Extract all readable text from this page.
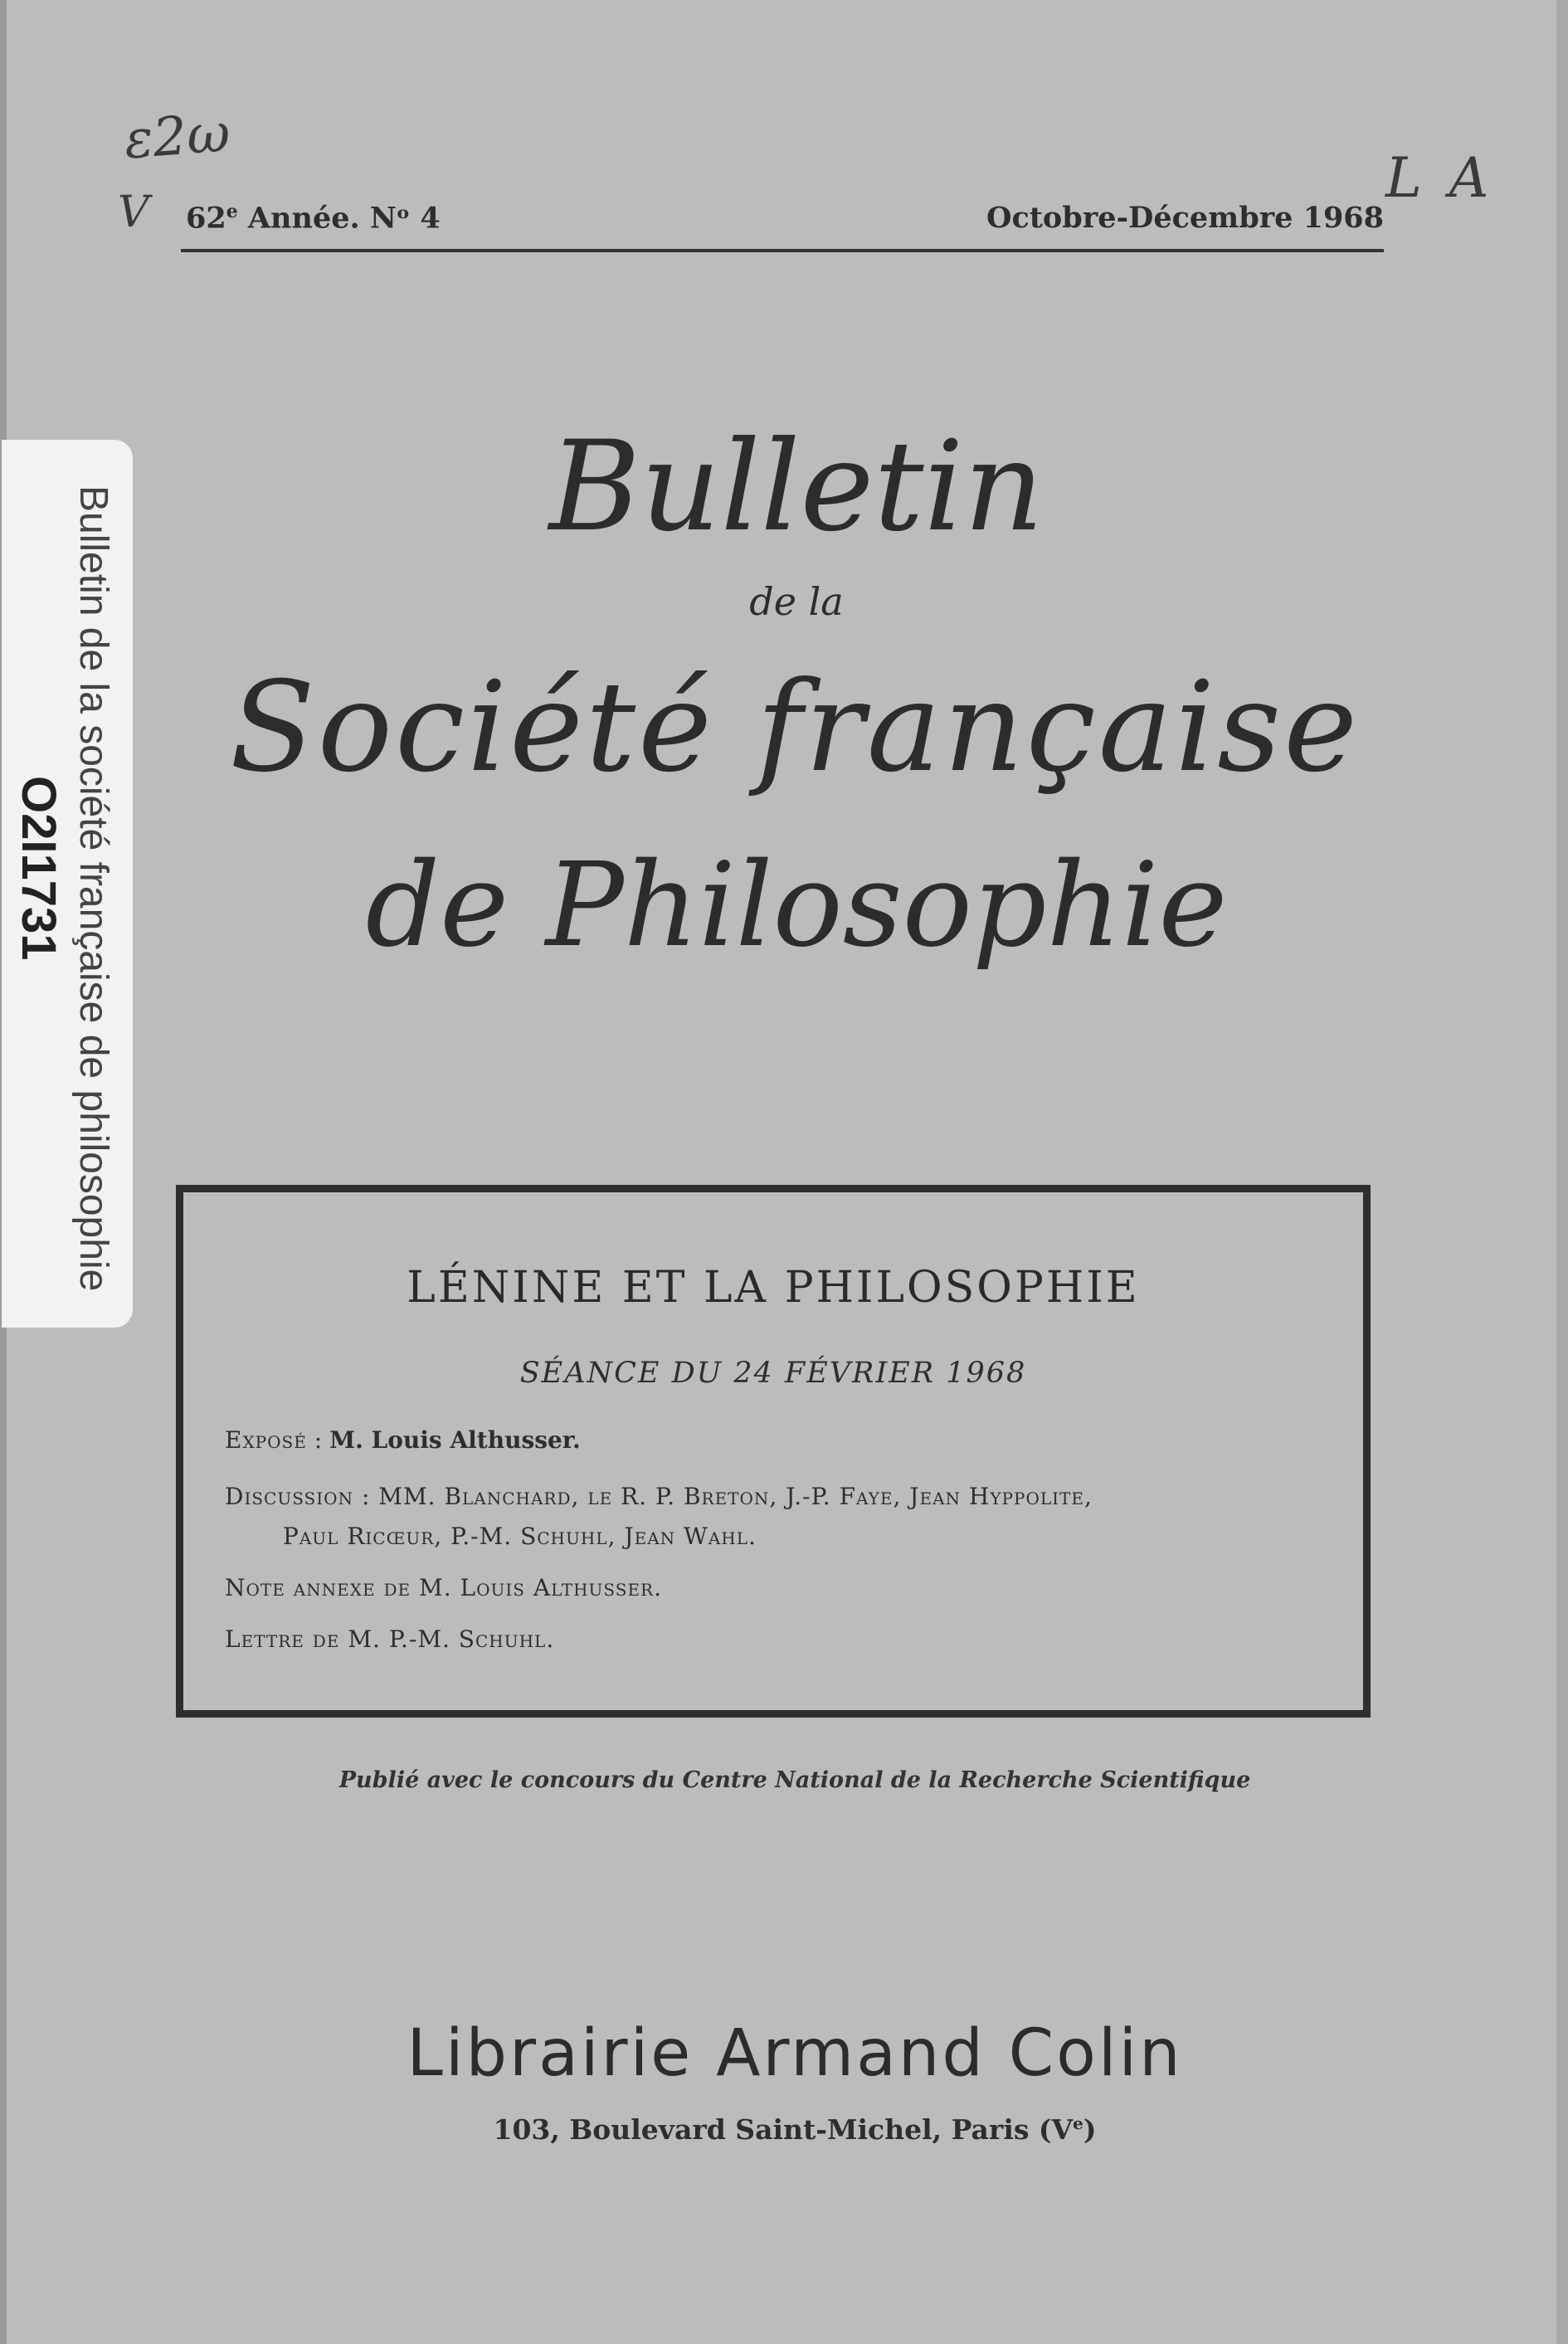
ɛ2ω
V
L A
62e Année. Nᵒ 4	Octobre-Décembre 1968
Bulletin de la société française de philosophie
O2I1731
Bulletin
de la
Société française
de Philosophie
LÉNINE ET LA PHILOSOPHIE
SÉANCE DU 24 FÉVRIER 1968
Exposé : M. Louis Althusser.
Discussion : MM. Blanchard, le R. P. Breton, J.-P. Faye, Jean Hyppolite,
Paul Ricœur, P.-M. Schuhl, Jean Wahl.
Note annexe de M. Louis Althusser.
Lettre de M. P.-M. Schuhl.
Publié avec le concours du Centre National de la Recherche Scientifique
Librairie Armand Colin
103, Boulevard Saint-Michel, Paris (Ve)
